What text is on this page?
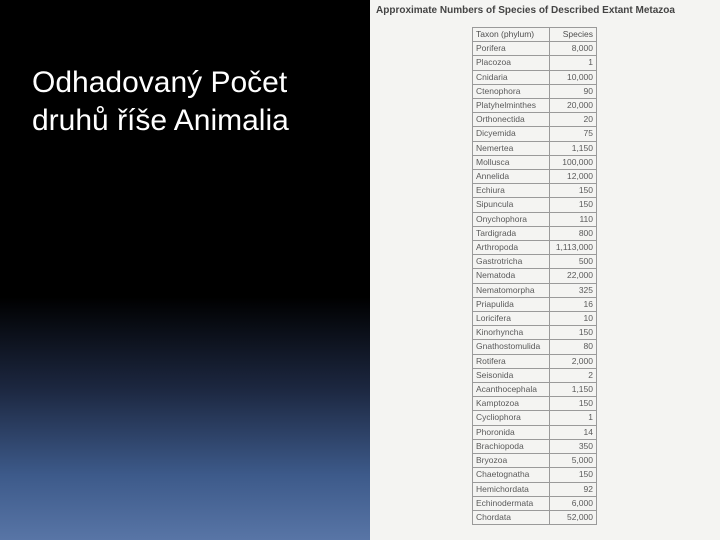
Odhadovaný Počet
druhů říše Animalia
Approximate Numbers of Species of Described Extant Metazoa
Taxon (phylum)	Species
Porifera	8,000
Placozoa	1
Cnidaria	10,000
Ctenophora	90
Platyhelminthes	20,000
Orthonectida	20
Dicyemida	75
Nemertea	1,150
Mollusca	100,000
Annelida	12,000
Echiura	150
Sipuncula	150
Onychophora	110
Tardigrada	800
Arthropoda	1,113,000
Gastrotricha	500
Nematoda	22,000
Nematomorpha	325
Priapulida	16
Loricifera	10
Kinorhyncha	150
Gnathostomulida	80
Rotifera	2,000
Seisonida	2
Acanthocephala	1,150
Kamptozoa	150
Cycliophora	1
Phoronida	14
Brachiopoda	350
Bryozoa	5,000
Chaetognatha	150
Hemichordata	92
Echinodermata	6,000
Chordata	52,000
